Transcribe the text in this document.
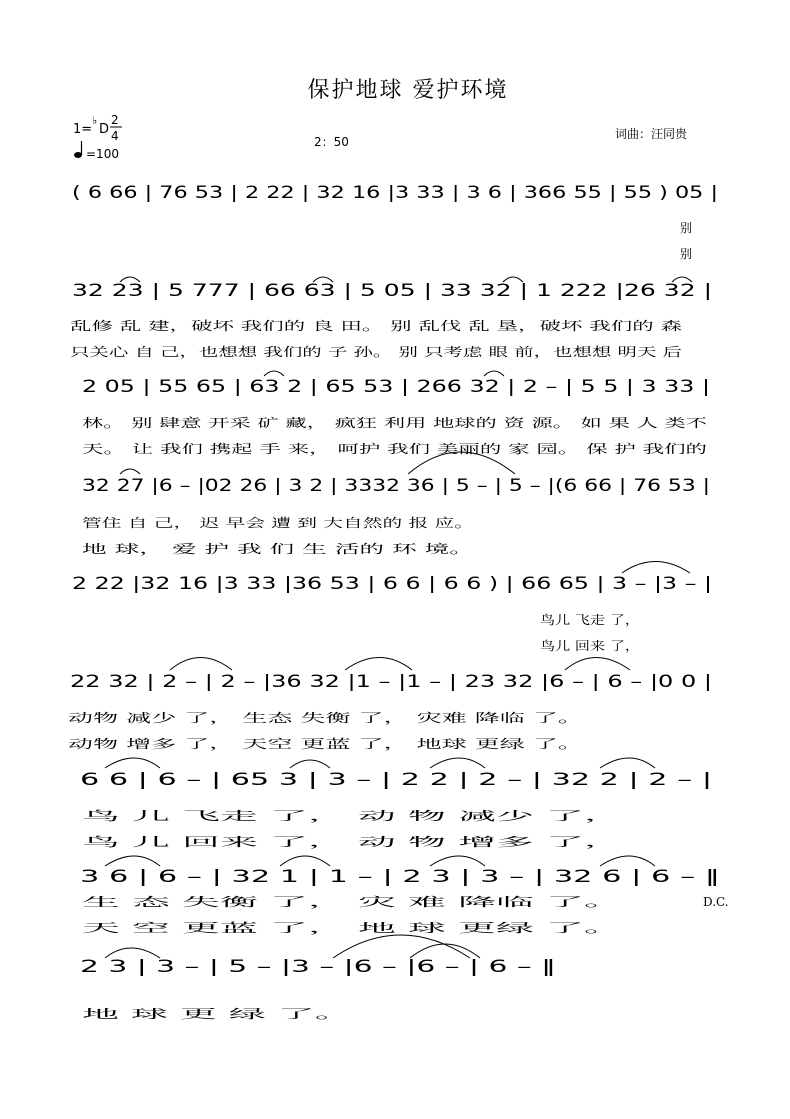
保护地球 爱护环境
1=
♭
D
2
4
=100
2：50
词曲：汪同贵
( 6 66 | 76 53 | 2 22 | 32 16 |3 33 | 3 6 | 366 55 | 55 ) 05 |
别
别
32 23 | 5 777 | 66 63 | 5 05 | 33 32 | 1 222 |26 32 |
乱修 乱 建，破坏 我们的 良 田。 别 乱伐 乱 垦，破坏 我们的 森
只关心 自 己，也想想 我们的 子 孙。 别 只考虑 眼 前，也想想 明天 后
2 05 | 55 65 | 63 2 | 65 53 | 266 32 | 2 – | 5 5 | 3 33 |
林。 别 肆意 开采 矿 藏， 疯狂 利用 地球的 资 源。 如 果 人 类不
天。 让 我们 携起 手 来， 呵护 我们 美丽的 家 园。 保 护 我们的
32 27 |6 – |02 26 | 3 2 | 3332 36 | 5 – | 5 – |(6 66 | 76 53 |
管住 自 己， 迟 早会 遭 到 大自然的 报 应。
地 球， 爱 护 我 们 生 活的 环 境。
2 22 |32 16 |3 33 |36 53 | 6 6 | 6 6 ) | 66 65 | 3 – |3 – |
鸟儿 飞走 了，
鸟儿 回来 了，
22 32 | 2 – | 2 – |36 32 |1 – |1 – | 23 32 |6 – | 6 – |0 0 |
动物 减少 了， 生态 失衡 了， 灾难 降临 了。
动物 增多 了， 天空 更蓝 了， 地球 更绿 了。
6 6 | 6 – | 65 3 | 3 – | 2 2 | 2 – | 32 2 | 2 – |
鸟 儿 飞走 了， 动 物 减少 了，
鸟 儿 回来 了， 动 物 增多 了，
3 6 | 6 – | 32 1 | 1 – | 2 3 | 3 – | 32 6 | 6 – ‖
生 态 失衡 了， 灾 难 降临 了。	D.C.
天 空 更蓝 了， 地 球 更绿 了。
2 3 | 3 – | 5 – |3 – |6 – |6 – | 6 – ‖
地 球 更 绿 了。
